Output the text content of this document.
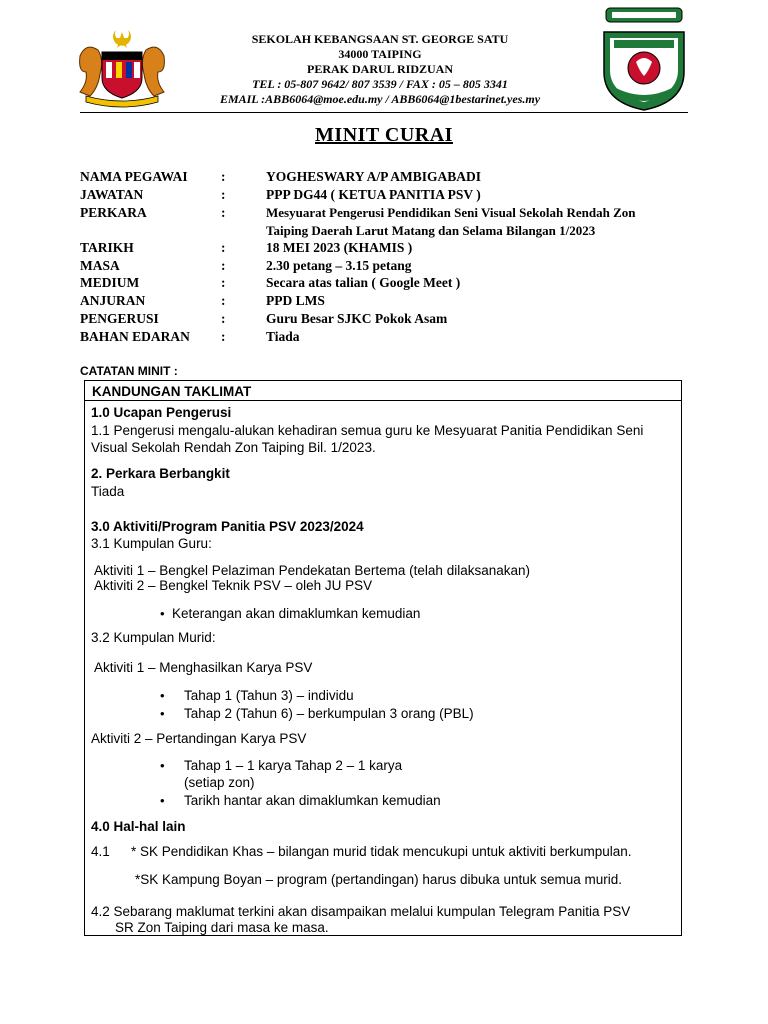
SEKOLAH KEBANGSAAN ST. GEORGE SATU
34000 TAIPING
PERAK DARUL RIDZUAN
TEL : 05-807 9642/ 807 3539 / FAX : 05 – 805 3341
EMAIL :ABB6064@moe.edu.my / ABB6064@1bestarinet.yes.my
MINIT CURAI
NAMA PEGAWAI :	YOGHESWARY A/P AMBIGABADI
JAWATAN	:	PPP DG44 ( KETUA PANITIA PSV )
PERKARA	:	Mesyuarat Pengerusi Pendidikan Seni Visual Sekolah Rendah Zon
Taiping Daerah Larut Matang dan Selama Bilangan 1/2023
TARIKH	:	18 MEI 2023 (KHAMIS )
MASA	:	2.30 petang – 3.15 petang
MEDIUM	:	Secara atas talian ( Google Meet )
ANJURAN	:	PPD LMS
PENGERUSI	:	Guru Besar SJKC Pokok Asam
BAHAN EDARAN :	Tiada
CATATAN MINIT :
KANDUNGAN TAKLIMAT
1.0 Ucapan Pengerusi
1.1 Pengerusi mengalu-alukan kehadiran semua guru ke Mesyuarat Panitia Pendidikan Seni
Visual Sekolah Rendah Zon Taiping Bil. 1/2023.
2. Perkara Berbangkit
Tiada
3.0 Aktiviti/Program Panitia PSV 2023/2024
3.1 Kumpulan Guru:
Aktiviti 1 – Bengkel Pelaziman Pendekatan Bertema (telah dilaksanakan)
Aktiviti 2 – Bengkel Teknik PSV – oleh JU PSV
• Keterangan akan dimaklumkan kemudian
3.2 Kumpulan Murid:
Aktiviti 1 – Menghasilkan Karya PSV
• Tahap 1 (Tahun 3) – individu
• Tahap 2 (Tahun 6) – berkumpulan 3 orang (PBL)
Aktiviti 2 – Pertandingan Karya PSV
• Tahap 1 – 1 karya Tahap 2 – 1 karya
(setiap zon)
• Tarikh hantar akan dimaklumkan kemudian
4.0 Hal-hal lain
4.1 * SK Pendidikan Khas – bilangan murid tidak mencukupi untuk aktiviti berkumpulan.
*SK Kampung Boyan – program (pertandingan) harus dibuka untuk semua murid.
4.2 Sebarang maklumat terkini akan disampaikan melalui kumpulan Telegram Panitia PSV
SR Zon Taiping dari masa ke masa.
